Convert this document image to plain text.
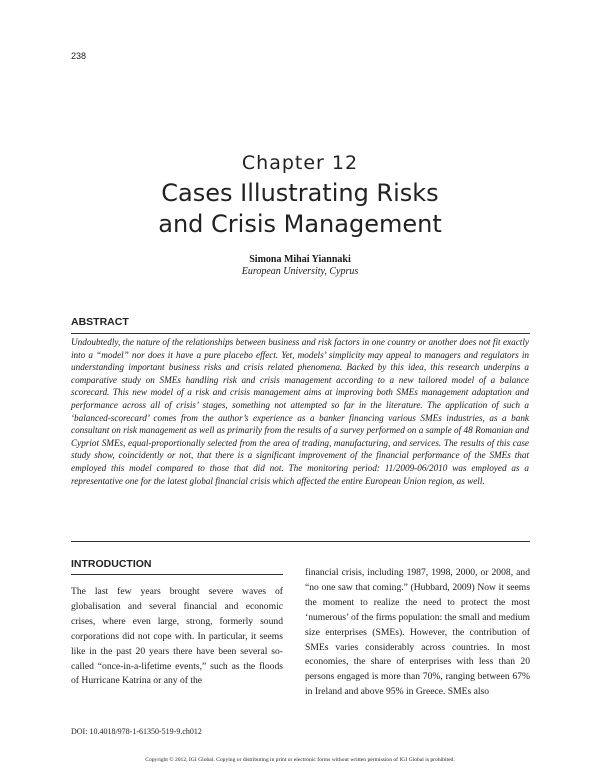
238
Chapter 12
Cases Illustrating Risks
and Crisis Management
Simona Mihai Yiannaki
European University, Cyprus
ABSTRACT
Undoubtedly, the nature of the relationships between business and risk factors in one country or another does not fit exactly into a “model” nor does it have a pure placebo effect. Yet, models’ simplicity may appeal to managers and regulators in understanding important business risks and crisis related phenomena. Backed by this idea, this research underpins a comparative study on SMEs handling risk and crisis management according to a new tailored model of a balance scorecard. This new model of a risk and crisis management aims at improving both SMEs management adaptation and performance across all of crisis’ stages, something not attempted so far in the literature. The application of such a ‘balanced-scorecard’ comes from the author’s experience as a banker financing various SMEs industries, as a bank consultant on risk management as well as primarily from the results of a survey performed on a sample of 48 Romanian and Cypriot SMEs, equal-proportionally selected from the area of trading, manufacturing, and services. The results of this case study show, coincidently or not, that there is a significant improvement of the financial performance of the SMEs that employed this model compared to those that did not. The monitoring period: 11/2009-06/2010 was employed as a representative one for the latest global financial crisis which affected the entire European Union region, as well.
INTRODUCTION
The last few years brought severe waves of globalisation and several financial and economic crises, where even large, strong, formerly sound corporations did not cope with. In particular, it seems like in the past 20 years there have been several so-called “once-in-a-lifetime events,” such as the floods of Hurricane Katrina or any of the
financial crisis, including 1987, 1998, 2000, or 2008, and “no one saw that coming.” (Hubbard, 2009) Now it seems the moment to realize the need to protect the most ‘numerous’ of the firms population: the small and medium size enterprises (SMEs). However, the contribution of SMEs varies considerably across countries. In most economies, the share of enterprises with less than 20 persons engaged is more than 70%, ranging between 67% in Ireland and above 95% in Greece. SMEs also
DOI: 10.4018/978-1-61350-519-9.ch012
Copyright © 2012, IGI Global. Copying or distributing in print or electronic forms without written permission of IGI Global is prohibited.
